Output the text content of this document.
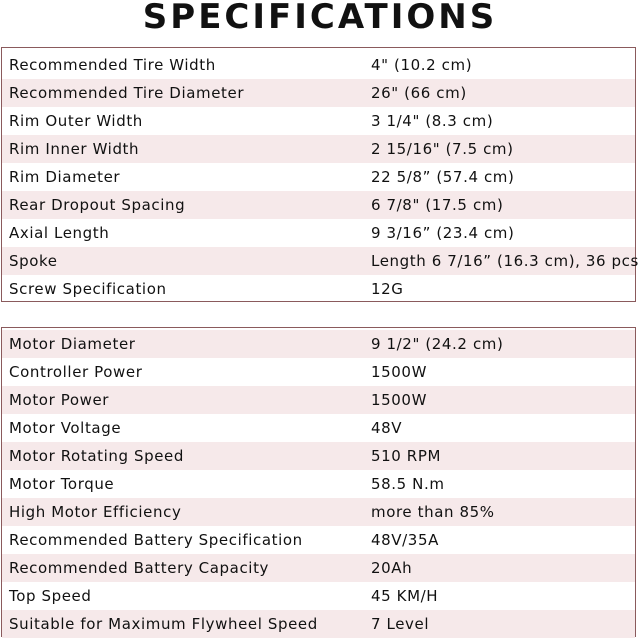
SPECIFICATIONS
Recommended Tire Width	4" (10.2 cm)
Recommended Tire Diameter	26" (66 cm)
Rim Outer Width	3 1/4" (8.3 cm)
Rim Inner Width	2 15/16" (7.5 cm)
Rim Diameter	22 5/8” (57.4 cm)
Rear Dropout Spacing	6 7/8" (17.5 cm)
Axial Length	9 3/16” (23.4 cm)
Spoke	Length 6 7/16” (16.3 cm), 36 pcs
Screw Specification	12G
Motor Diameter	9 1/2" (24.2 cm)
Controller Power	1500W
Motor Power	1500W
Motor Voltage	48V
Motor Rotating Speed	510 RPM
Motor Torque	58.5 N.m
High Motor Efficiency	more than 85%
Recommended Battery Specification	48V/35A
Recommended Battery Capacity	20Ah
Top Speed	45 KM/H
Suitable for Maximum Flywheel Speed	7 Level
